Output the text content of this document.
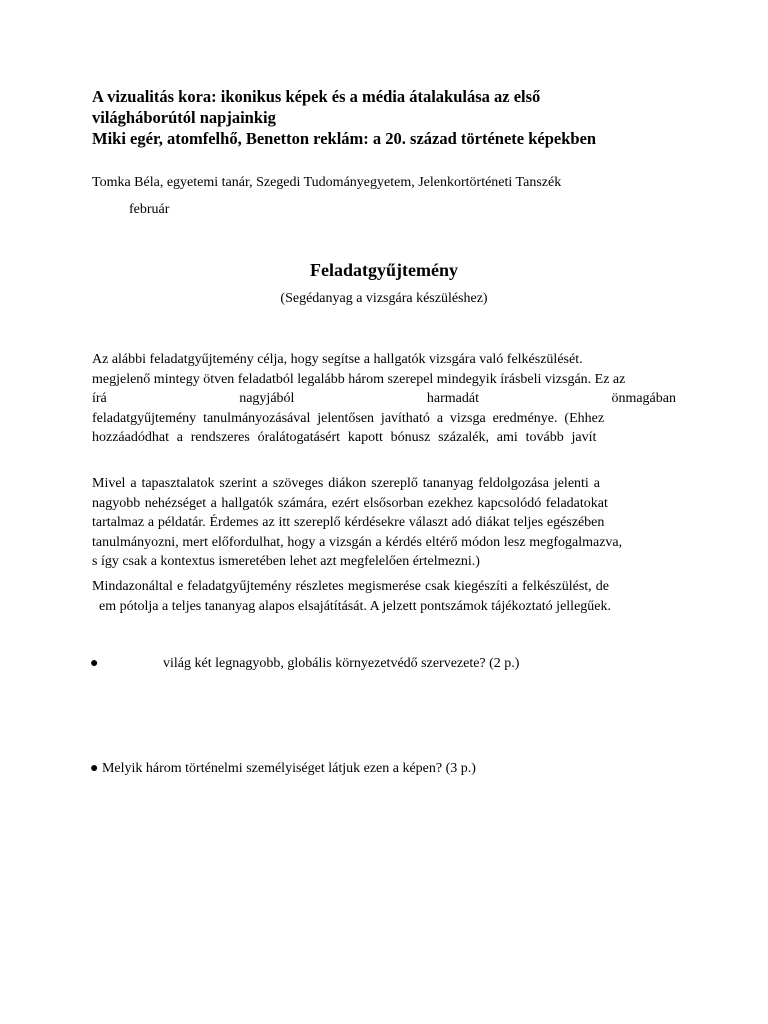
A vizualitás kora: ikonikus képek és a média átalakulása az első
világháborútól napjainkig
Miki egér, atomfelhő, Benetton reklám: a 20. század története képekben
Tomka Béla, egyetemi tanár, Szegedi Tudományegyetem, Jelenkortörténeti Tanszék
február
Feladatgyűjtemény
(Segédanyag a vizsgára készüléshez)
Az alábbi feladatgyűjtemény célja, hogy segítse a hallgatók vizsgára való felkészülését.
megjelenő mintegy ötven feladatból legalább három szerepel mindegyik írásbeli vizsgán. Ez az
írá	nagyjából	harmadát	önmagában
feladatgyűjtemény tanulmányozásával jelentősen javítható a vizsga eredménye. (Ehhez
hozzáadódhat a rendszeres óralátogatásért kapott bónusz százalék, ami tovább javít
Mivel a tapasztalatok szerint a szöveges diákon szereplő tananyag feldolgozása jelenti a
nagyobb nehézséget a hallgatók számára, ezért elsősorban ezekhez kapcsolódó feladatokat
tartalmaz a példatár. Érdemes az itt szereplő kérdésekre választ adó diákat teljes egészében
tanulmányozni, mert előfordulhat, hogy a vizsgán a kérdés eltérő módon lesz megfogalmazva,
s így csak a kontextus ismeretében lehet azt megfelelően értelmezni.)
Mindazonáltal e feladatgyűjtemény részletes megismerése csak kiegészíti a felkészülést, de
em pótolja a teljes tananyag alapos elsajátítását. A jelzett pontszámok tájékoztató jellegűek.
●	világ két legnagyobb, globális környezetvédő szervezete? (2 p.)
● Melyik három történelmi személyiséget látjuk ezen a képen? (3 p.)
